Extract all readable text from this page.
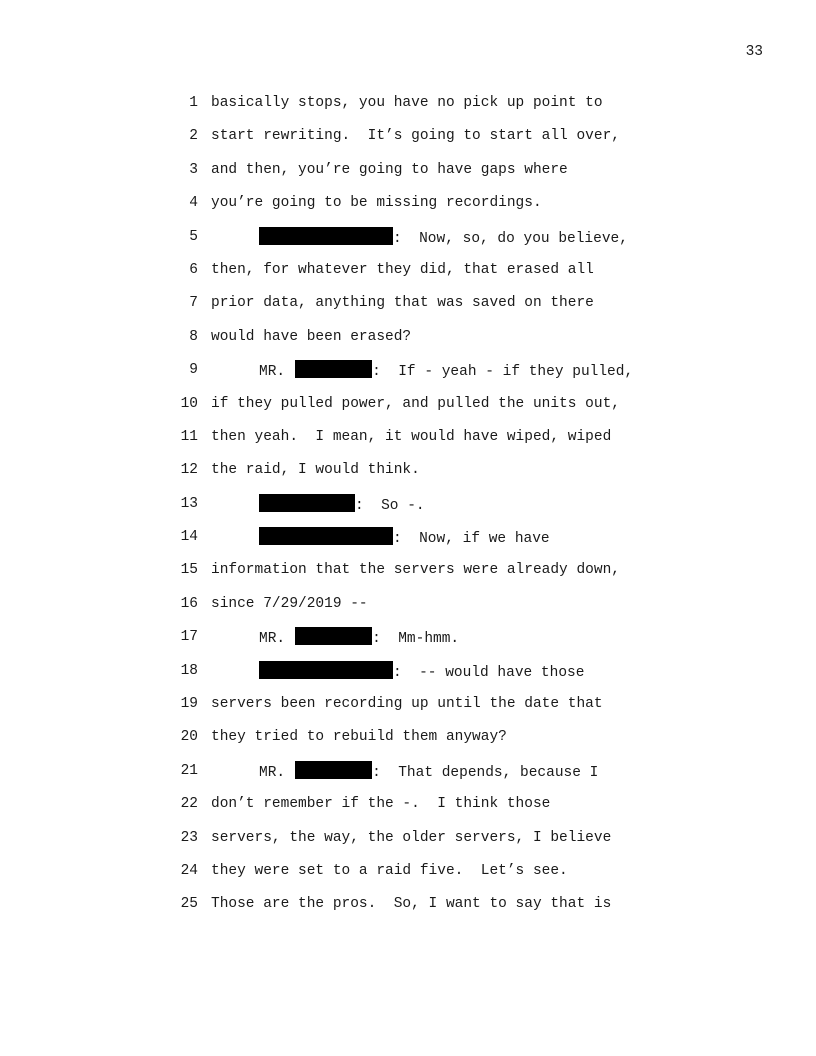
33

1

basically stops, you have no pick up point to

2

start rewriting.  It’s going to start all over,

3

and then, you’re going to have gaps where

4

you’re going to be missing recordings.

5

	:  Now, so, do you believe,

6

then, for whatever they did, that erased all

7

prior data, anything that was saved on there

8

would have been erased?

9

	MR.	:  If - yeah - if they pulled,

10

if they pulled power, and pulled the units out,

11

then yeah.  I mean, it would have wiped, wiped

12

the raid, I would think.

13

	:  So -.

14

	:  Now, if we have

15

information that the servers were already down,

16

since 7/29/2019 --

17

	MR.	:  Mm-hmm.

18

	:  -- would have those

19

servers been recording up until the date that

20

they tried to rebuild them anyway?

21

	MR.	:  That depends, because I

22

don’t remember if the -.  I think those

23

servers, the way, the older servers, I believe

24

they were set to a raid five.  Let’s see.

25

Those are the pros.  So, I want to say that is
